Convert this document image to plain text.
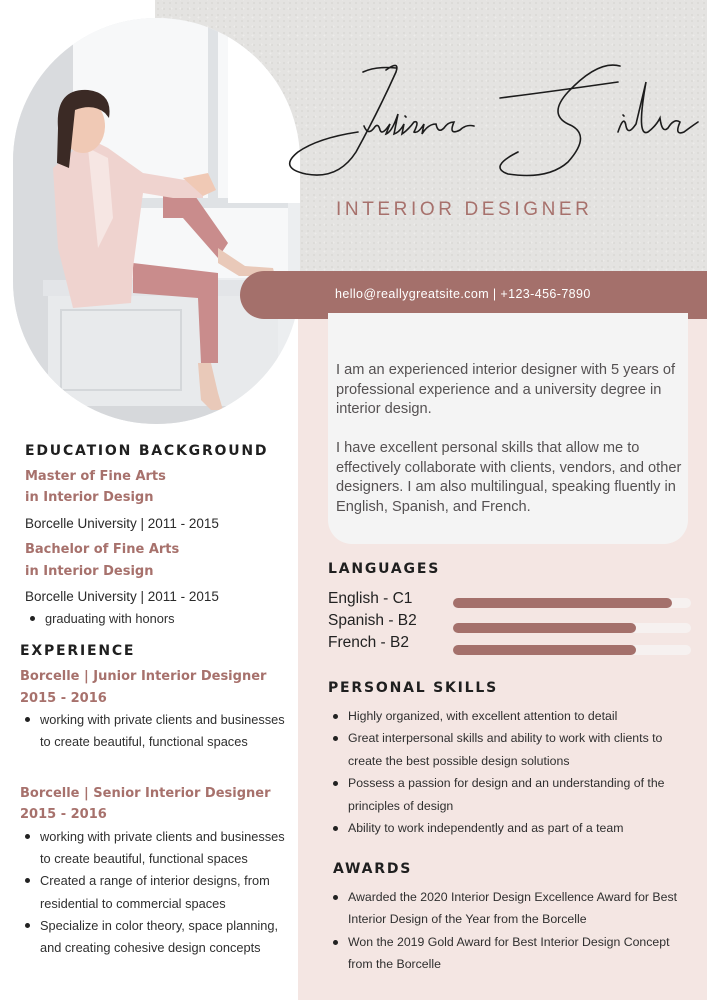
INTERIOR DESIGNER
hello@reallygreatsite.com | +123-456-7890

I am an experienced interior designer with 5 years of professional experience and a university degree in interior design.

I have excellent personal skills that allow me to effectively collaborate with clients, vendors, and other designers. I am also multilingual, speaking fluently in English, Spanish, and French.

EDUCATION BACKGROUND
Master of Fine Arts
in Interior Design
Borcelle University | 2011 - 2015
Bachelor of Fine Arts
in Interior Design
Borcelle University | 2011 - 2015
graduating with honors
EXPERIENCE
Borcelle | Junior Interior Designer
2015 - 2016
working with private clients and businesses to create beautiful, functional spaces
Borcelle | Senior Interior Designer
2015 - 2016
working with private clients and businesses to create beautiful, functional spaces
Created a range of interior designs, from residential to commercial spaces
Specialize in color theory, space planning, and creating cohesive design concepts
LANGUAGES
English - C1
Spanish - B2
French - B2
PERSONAL SKILLS
Highly organized, with excellent attention to detail
Great interpersonal skills and ability to work with clients to create the best possible design solutions
Possess a passion for design and an understanding of the principles of design
Ability to work independently and as part of a team
AWARDS
Awarded the 2020 Interior Design Excellence Award for Best Interior Design of the Year from the Borcelle
Won the 2019 Gold Award for Best Interior Design Concept from the Borcelle
